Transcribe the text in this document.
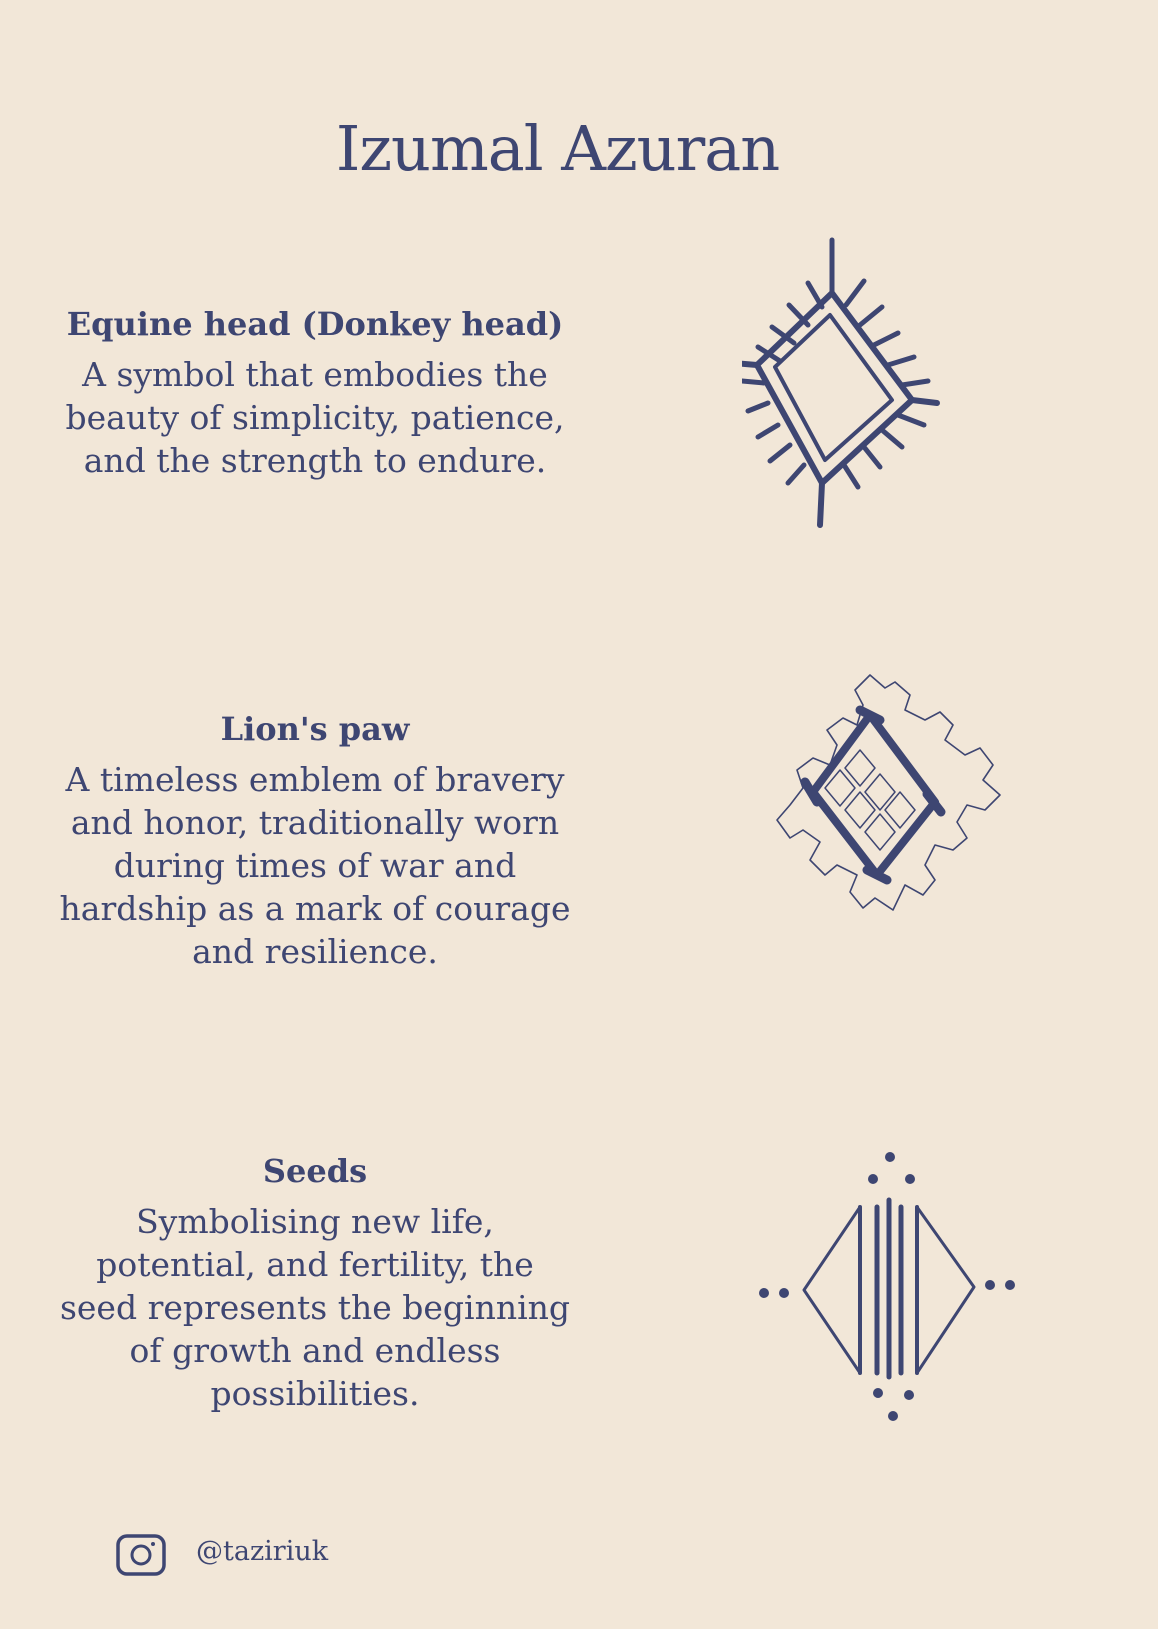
Izumal Azuran
Equine head (Donkey head)
A symbol that embodies the
beauty of simplicity, patience,
and the strength to endure.
Lion's paw
A timeless emblem of bravery
and honor, traditionally worn
during times of war and
hardship as a mark of courage
and resilience.
Seeds
Symbolising new life,
potential, and fertility, the
seed represents the beginning
of growth and endless
possibilities.
@taziriuk
